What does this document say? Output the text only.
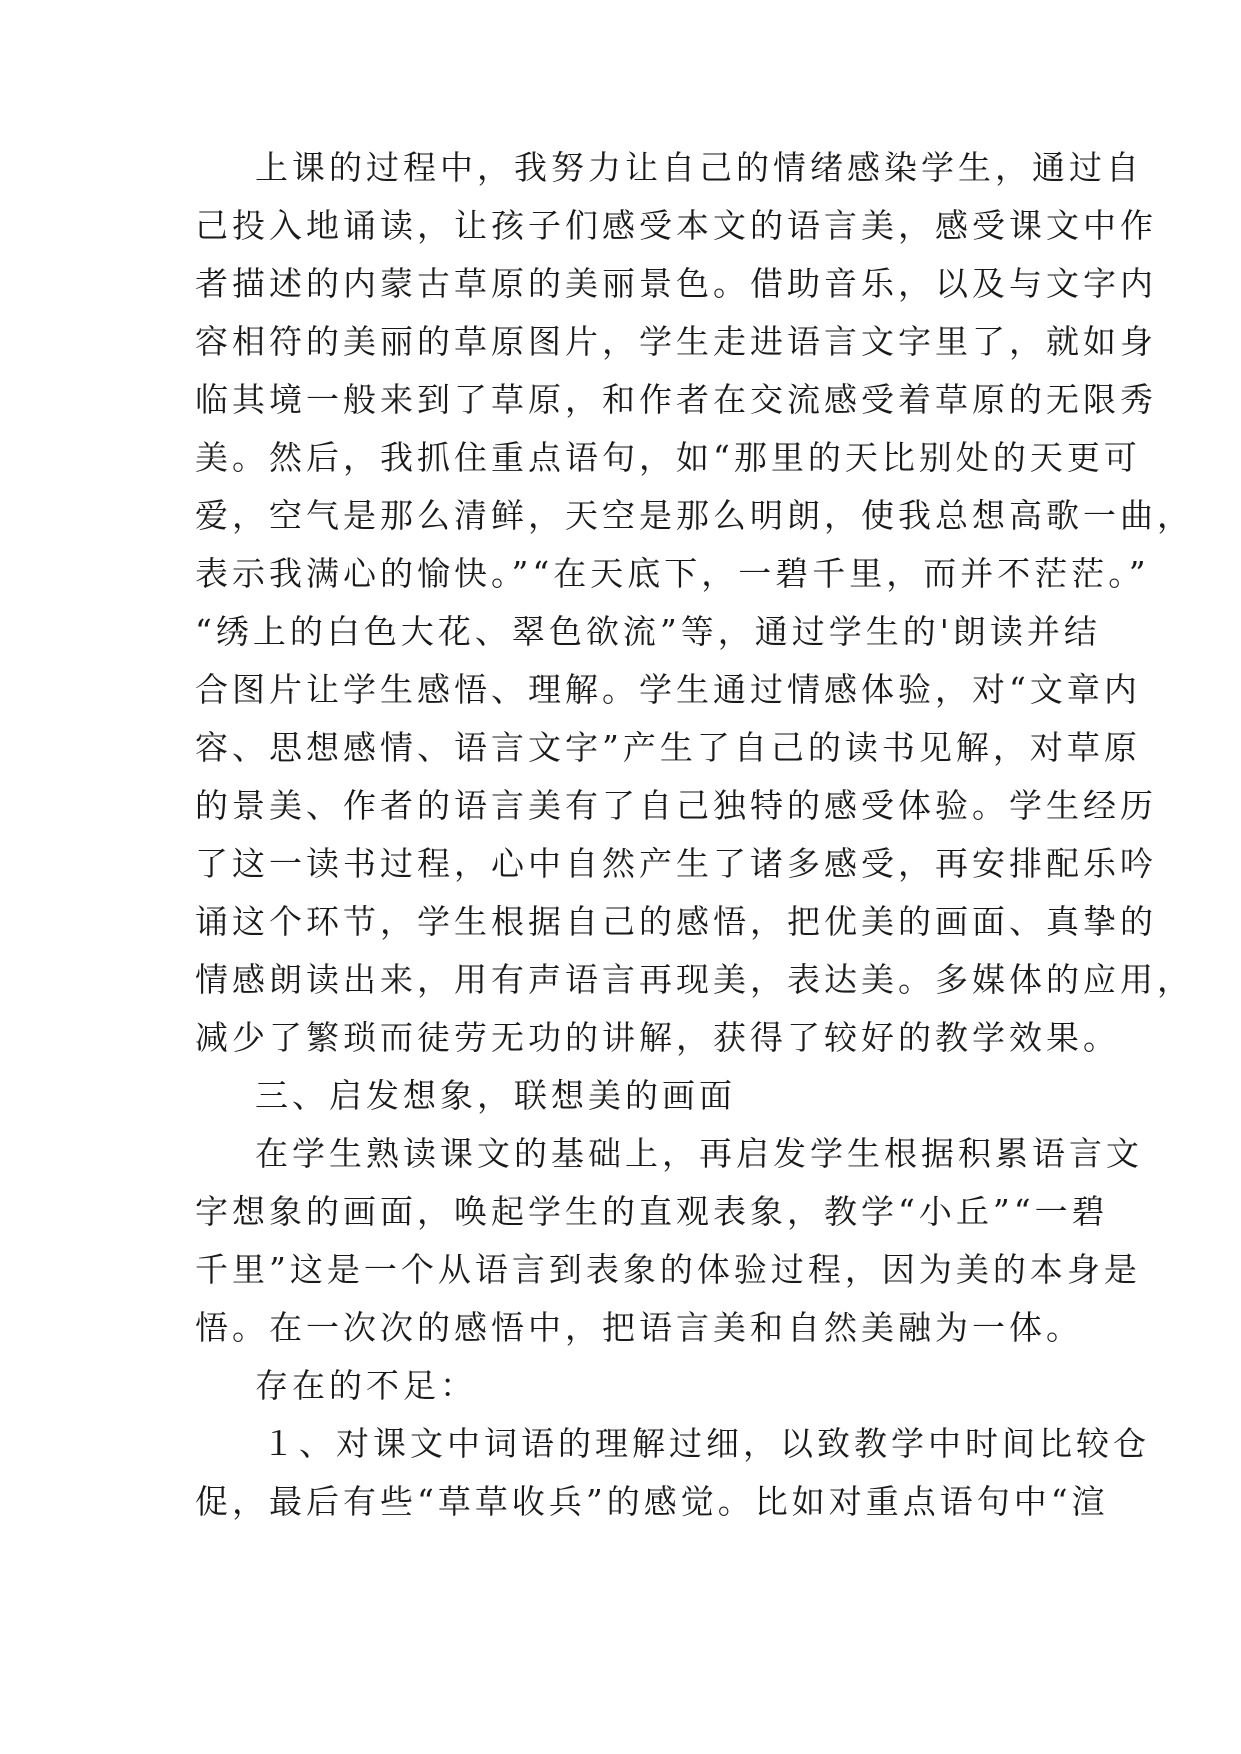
上课的过程中，我努力让自己的情绪感染学生，通过自
己投入地诵读，让孩子们感受本文的语言美，感受课文中作
者描述的内蒙古草原的美丽景色。借助音乐，以及与文字内
容相符的美丽的草原图片，学生走进语言文字里了，就如身
临其境一般来到了草原，和作者在交流感受着草原的无限秀
美。然后，我抓住重点语句，如“那里的天比别处的天更可
爱，空气是那么清鲜，天空是那么明朗，使我总想高歌一曲，
表示我满心的愉快。”“在天底下，一碧千里，而并不茫茫。”
“绣上的白色大花、翠色欲流”等，通过学生的'朗读并结
合图片让学生感悟、理解。学生通过情感体验，对“文章内
容、思想感情、语言文字”产生了自己的读书见解，对草原
的景美、作者的语言美有了自己独特的感受体验。学生经历
了这一读书过程，心中自然产生了诸多感受，再安排配乐吟
诵这个环节，学生根据自己的感悟，把优美的画面、真挚的
情感朗读出来，用有声语言再现美，表达美。多媒体的应用，
减少了繁琐而徒劳无功的讲解，获得了较好的教学效果。
三、启发想象，联想美的画面
在学生熟读课文的基础上，再启发学生根据积累语言文
字想象的画面，唤起学生的直观表象，教学“小丘”“一碧
千里”这是一个从语言到表象的体验过程，因为美的本身是
悟。在一次次的感悟中，把语言美和自然美融为一体。
存在的不足：
１、对课文中词语的理解过细，以致教学中时间比较仓
促，最后有些“草草收兵”的感觉。比如对重点语句中“渲
